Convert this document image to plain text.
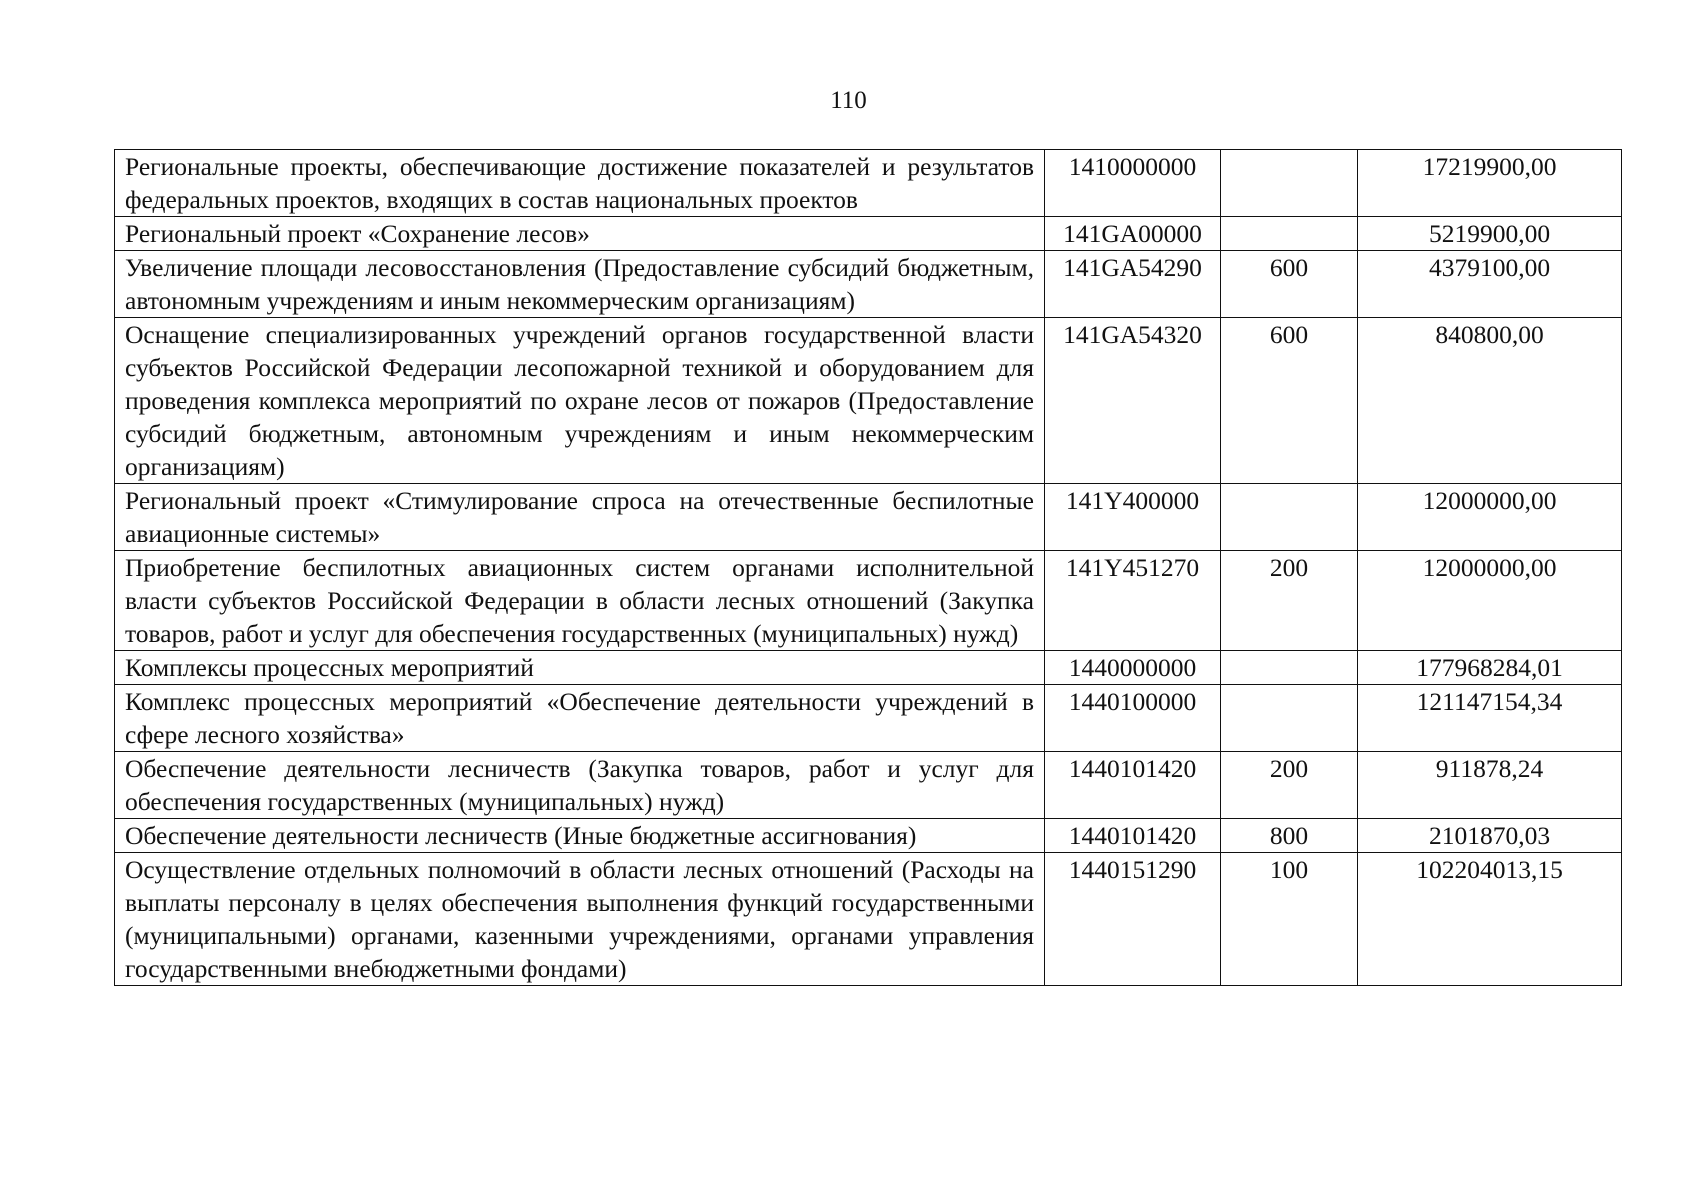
110
Региональные проекты, обеспечивающие достижение показателей и результатов федеральных проектов, входящих в состав национальных проектов	1410000000		17219900,00
Региональный проект «Сохранение лесов»	141GA00000		5219900,00
Увеличение площади лесовосстановления (Предоставление субсидий бюджетным, автономным учреждениям и иным некоммерческим организациям)	141GA54290	600	4379100,00
Оснащение специализированных учреждений органов государственной власти субъектов Российской Федерации лесопожарной техникой и оборудованием для проведения комплекса мероприятий по охране лесов от пожаров (Предоставление субсидий бюджетным, автономным учреждениям и иным некоммерческим организациям)	141GA54320	600	840800,00
Региональный проект «Стимулирование спроса на отечественные беспилотные авиационные системы»	141Y400000		12000000,00
Приобретение беспилотных авиационных систем органами исполнительной власти субъектов Российской Федерации в области лесных отношений (Закупка товаров, работ и услуг для обеспечения государственных (муниципальных) нужд)	141Y451270	200	12000000,00
Комплексы процессных мероприятий	1440000000		177968284,01
Комплекс процессных мероприятий «Обеспечение деятельности учреждений в сфере лесного хозяйства»	1440100000		121147154,34
Обеспечение деятельности лесничеств (Закупка товаров, работ и услуг для обеспечения государственных (муниципальных) нужд)	1440101420	200	911878,24
Обеспечение деятельности лесничеств (Иные бюджетные ассигнования)	1440101420	800	2101870,03
Осуществление отдельных полномочий в области лесных отношений (Расходы на выплаты персоналу в целях обеспечения выполнения функций государственными (муниципальными) органами, казенными учреждениями, органами управления государственными внебюджетными фондами)	1440151290	100	102204013,15
